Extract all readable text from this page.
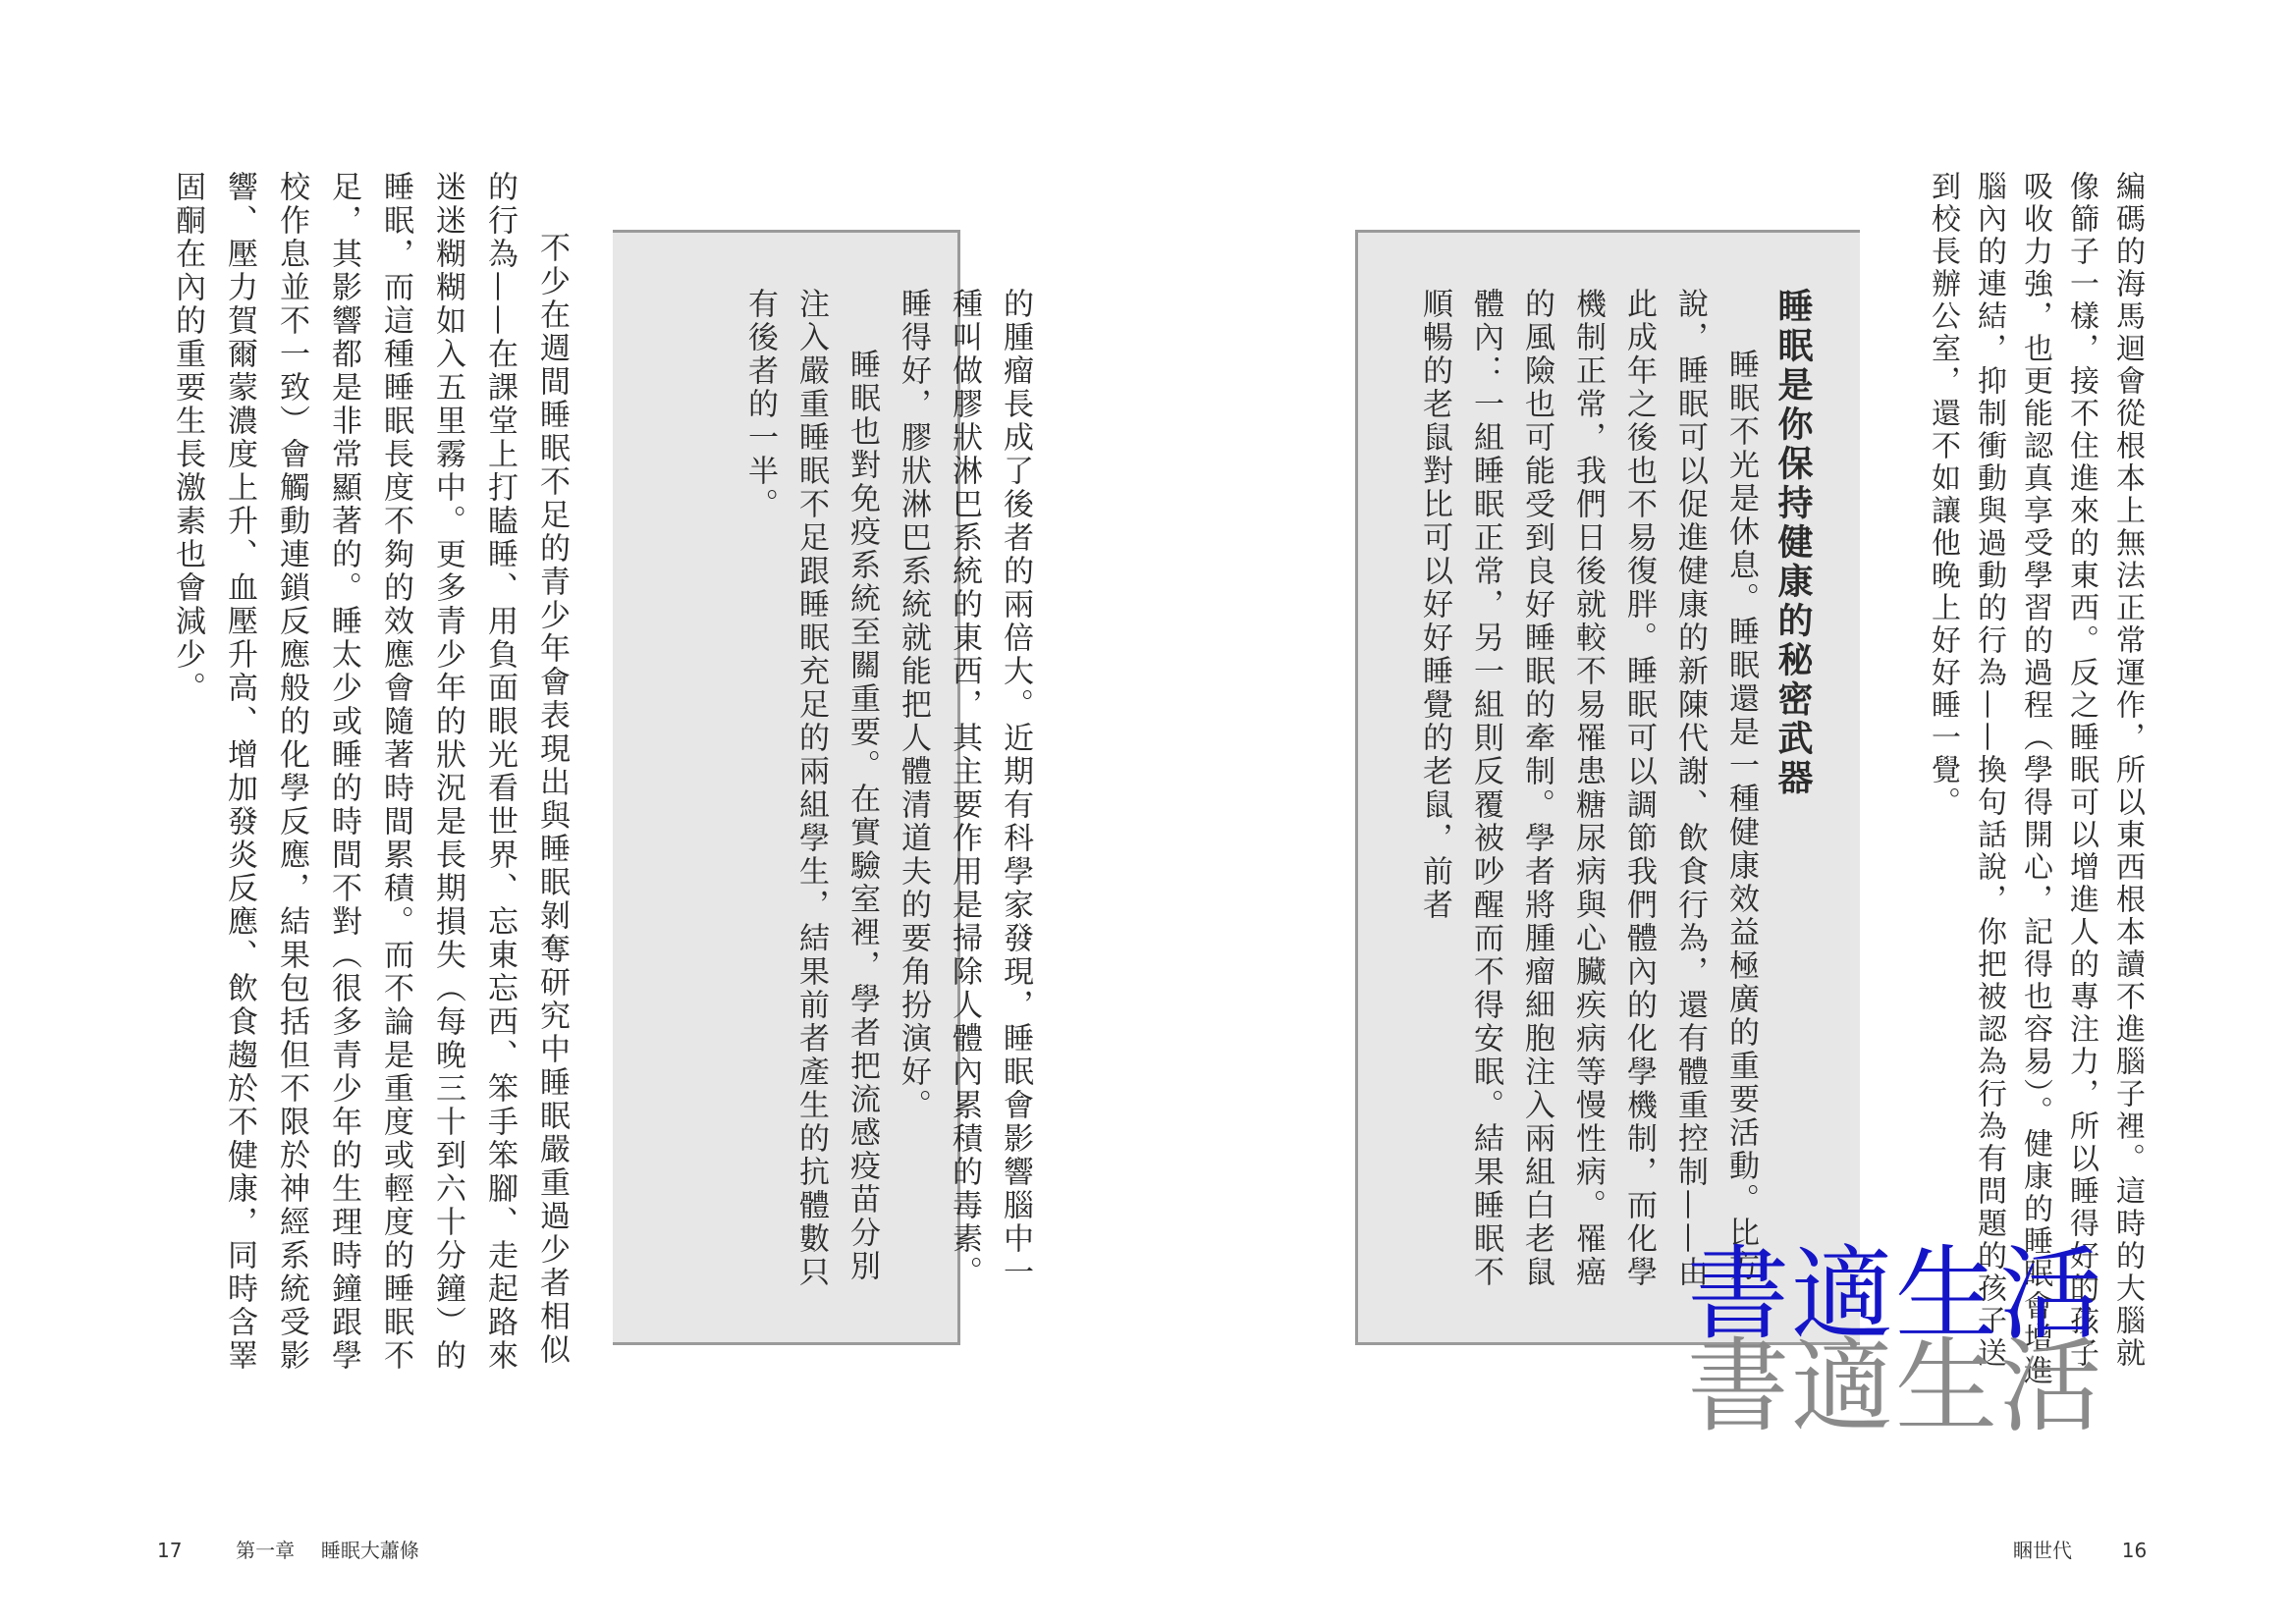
編碼的海馬迴會從根本上無法正常運作，所以東西根本讀不進腦子裡。這時的大腦就像篩子一樣，接不住進來的東西。反之睡眠可以增進人的專注力，所以睡得好的孩子吸收力強，也更能認真享受學習的過程（學得開心，記得也容易）。健康的睡眠會增進腦內的連結，抑制衝動與過動的行為——換句話說，你把被認為行為有問題的孩子送到校長辦公室，還不如讓他晚上好好睡一覺。
睡眠是你保持健康的秘密武器
睡眠不光是休息。睡眠還是一種健康效益極廣的重要活動。比方說，睡眠可以促進健康的新陳代謝、飲食行為，還有體重控制——由此成年之後也不易復胖。睡眠可以調節我們體內的化學機制，而化學機制正常，我們日後就較不易罹患糖尿病與心臟疾病等慢性病。罹癌的風險也可能受到良好睡眠的牽制。學者將腫瘤細胞注入兩組白老鼠體內：一組睡眠正常，另一組則反覆被吵醒而不得安眠。結果睡眠不順暢的老鼠對比可以好好睡覺的老鼠，前者
的腫瘤長成了後者的兩倍大。近期有科學家發現，睡眠會影響腦中一種叫做膠狀淋巴系統的東西，其主要作用是掃除人體內累積的毒素。睡得好，膠狀淋巴系統就能把人體清道夫的要角扮演好。
睡眠也對免疫系統至關重要。在實驗室裡，學者把流感疫苗分別注入嚴重睡眠不足跟睡眠充足的兩組學生，結果前者產生的抗體數只有後者的一半。
不少在週間睡眠不足的青少年會表現出與睡眠剝奪研究中睡眠嚴重過少者相似的行為——在課堂上打瞌睡、用負面眼光看世界、忘東忘西、笨手笨腳、走起路來迷迷糊糊如入五里霧中。更多青少年的狀況是長期損失（每晚三十到六十分鐘）的睡眠，而這種睡眠長度不夠的效應會隨著時間累積。而不論是重度或輕度的睡眠不足，其影響都是非常顯著的。睡太少或睡的時間不對（很多青少年的生理時鐘跟學校作息並不一致）會觸動連鎖反應般的化學反應，結果包括但不限於神經系統受影響、壓力賀爾蒙濃度上升、血壓升高、增加發炎反應、飲食趨於不健康，同時含睪固酮在內的重要生長激素也會減少。
17	第一章 睡眠大蕭條	睏世代	16
書適生活
書適生活
